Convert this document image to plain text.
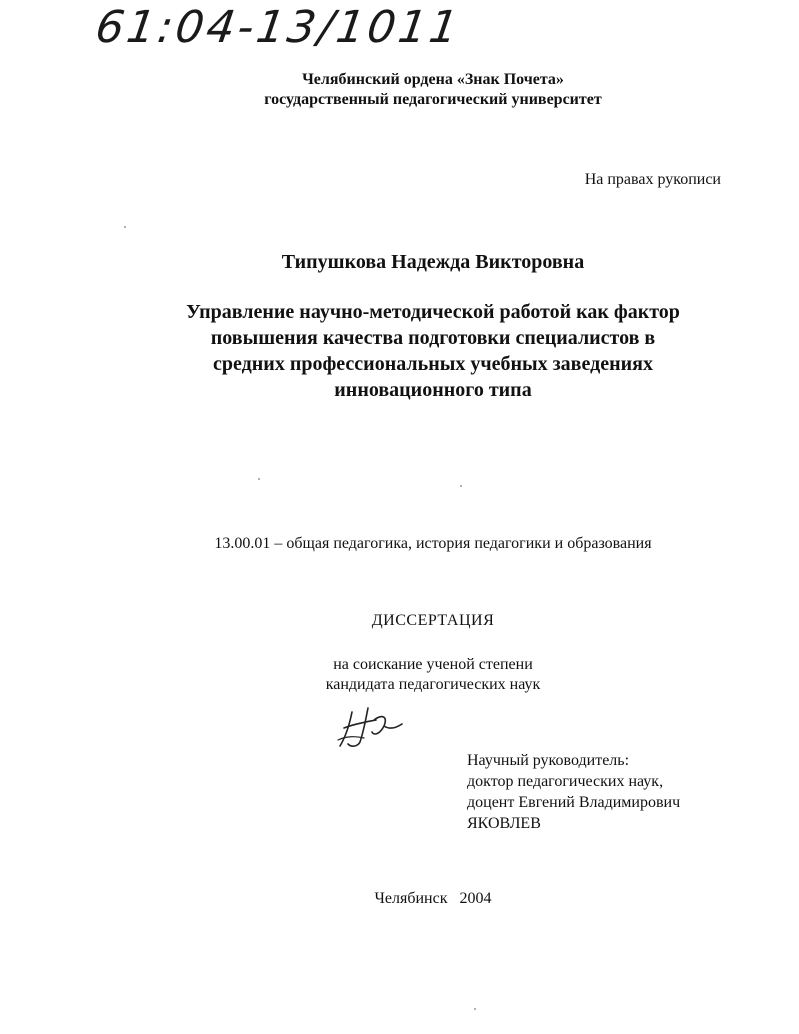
61:04-13/1011
Челябинский ордена «Знак Почета»
государственный педагогический университет
На правах рукописи
Типушкова Надежда Викторовна
Управление научно-методической работой как фактор
повышения качества подготовки специалистов в
средних профессиональных учебных заведениях
инновационного типа
13.00.01 – общая педагогика, история педагогики и образования
ДИССЕРТАЦИЯ
на соискание ученой степени
кандидата педагогических наук
Научный руководитель:
доктор педагогических наук,
доцент Евгений Владимирович
ЯКОВЛЕВ
Челябинск   2004
